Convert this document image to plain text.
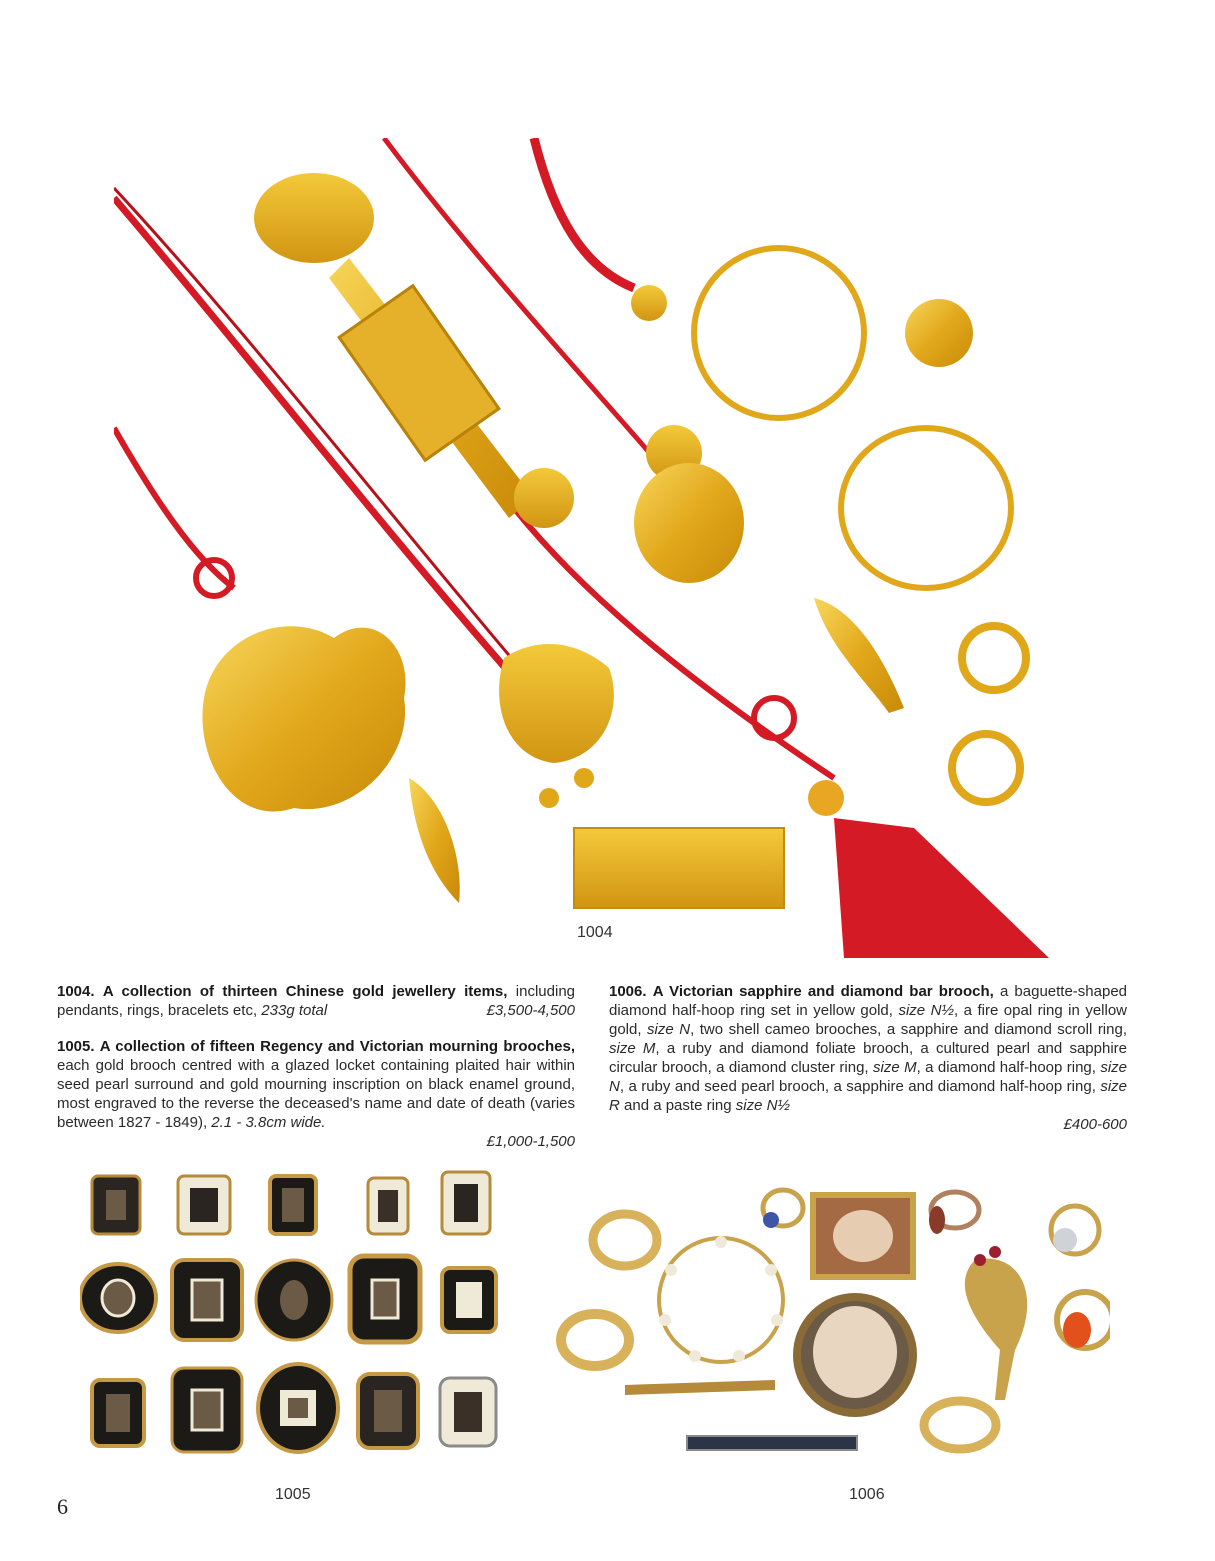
1004
1004. A collection of thirteen Chinese gold jewellery items, including pendants, rings, bracelets etc, 233g total	£3,500-4,500
1005. A collection of fifteen Regency and Victorian mourning brooches, each gold brooch centred with a glazed locket containing plaited hair within seed pearl surround and gold mourning inscription on black enamel ground, most engraved to the reverse the deceased's name and date of death (varies between 1827 - 1849), 2.1 - 3.8cm wide.
£1,000-1,500
1006. A Victorian sapphire and diamond bar brooch, a baguette-shaped diamond half-hoop ring set in yellow gold, size N½, a fire opal ring in yellow gold, size N, two shell cameo brooches, a sapphire and diamond scroll ring, size M, a ruby and diamond foliate brooch, a cultured pearl and sapphire circular brooch, a diamond cluster ring, size M, a diamond half-hoop ring, size N, a ruby and seed pearl brooch, a sapphire and diamond half-hoop ring, size R and a paste ring size N½
£400-600
1005	1006
6
